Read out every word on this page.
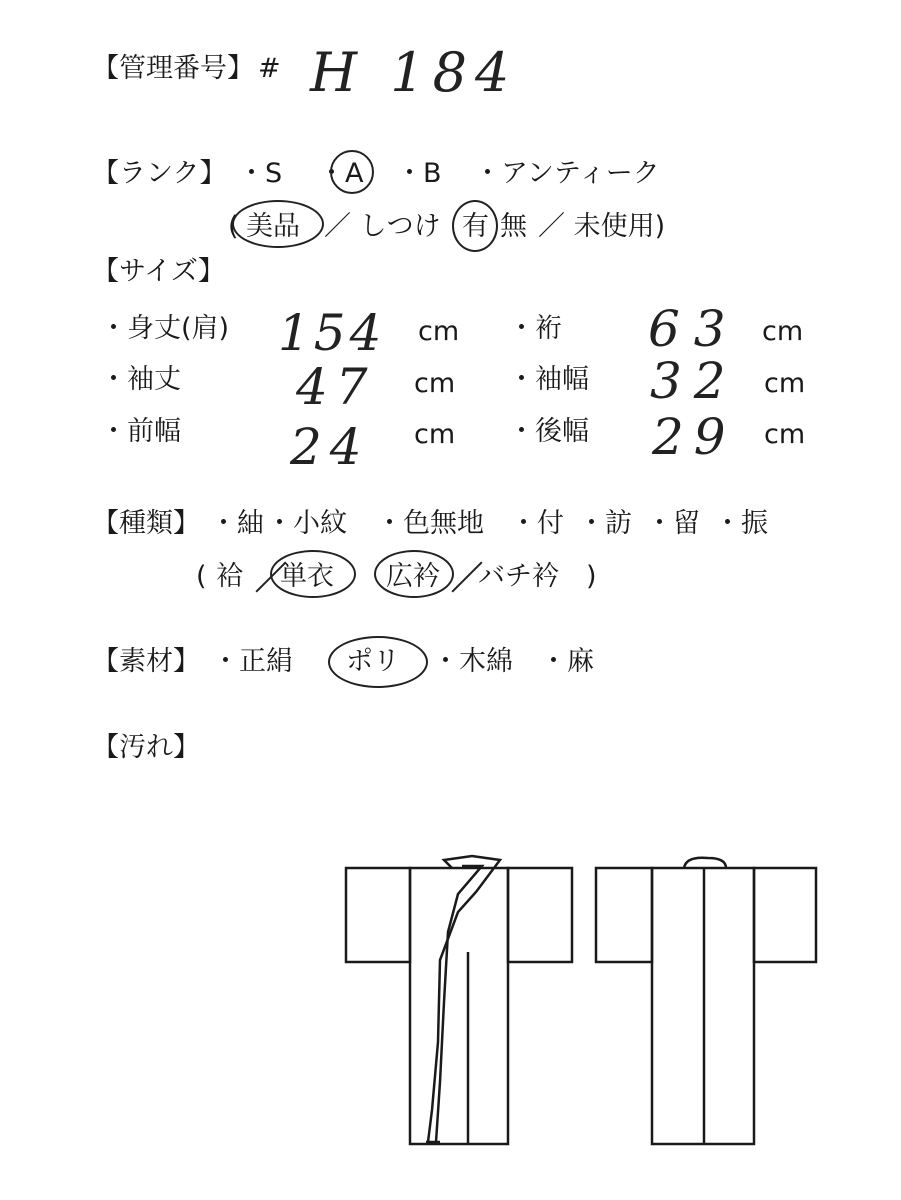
【管理番号】 # H 184
【ランク】 ・S ・A ・B ・アンティーク
( 美品 ／ しつけ 有 無 ／ 未使用)
【サイズ】
・身丈(肩) 154 cm ・裄 63 cm
・袖丈 47 cm ・袖幅 32 cm
・前幅 24 cm ・後幅 29 cm
【種類】 ・紬 ・小紋 ・色無地 ・付 ・訪 ・留 ・振
( 袷 単衣 広衿 バチ衿 )
【素材】 ・正絹 ポリ ・木綿 ・麻
【汚れ】
